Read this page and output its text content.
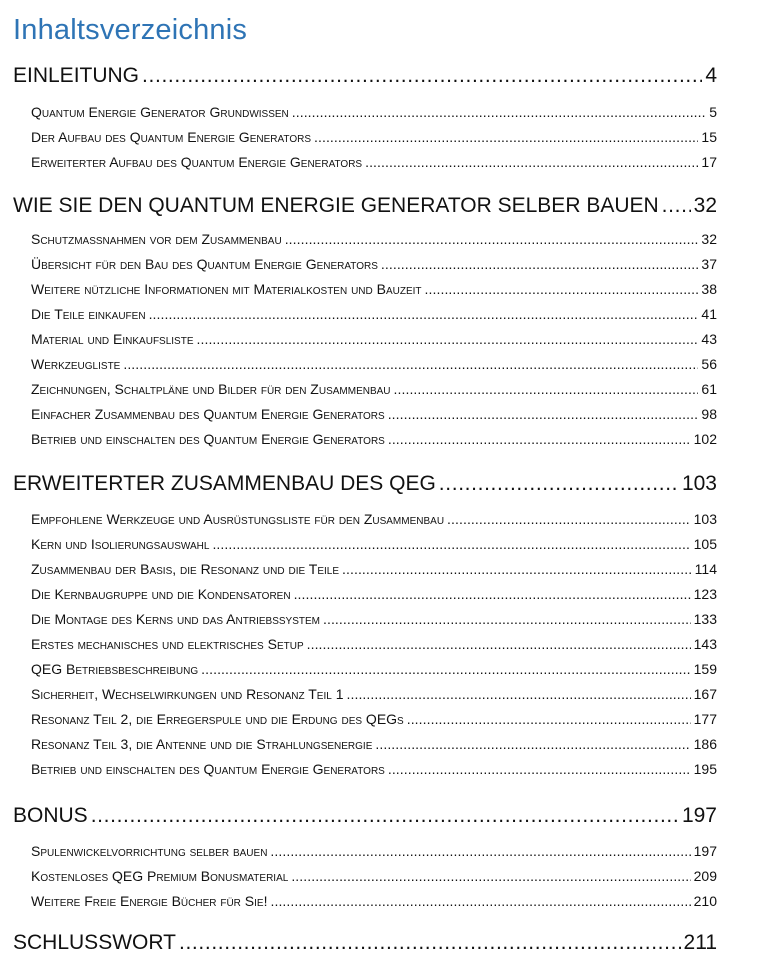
Inhaltsverzeichnis
EINLEITUNG . . .	4
Quantum Energie Generator Grundwissen . . .	5
Der Aufbau des Quantum Energie Generators . . .	15
Erweiterter Aufbau des Quantum Energie Generators . . .	17
WIE SIE DEN QUANTUM ENERGIE GENERATOR SELBER BAUEN . . . 32
Schutzmaßnahmen vor dem Zusammenbau . . .	32
Übersicht für den Bau des Quantum Energie Generators . . .	37
Weitere nützliche Informationen mit Materialkosten und Bauzeit . . .	38
Die Teile einkaufen . . .	41
Material und Einkaufsliste . . .	43
Werkzeugliste . . .	56
Zeichnungen, Schaltpläne und Bilder für den Zusammenbau . . .	61
Einfacher Zusammenbau des Quantum Energie Generators . . .	98
Betrieb und einschalten des Quantum Energie Generators . . .	102
ERWEITERTER ZUSAMMENBAU DES QEG . . .	103
Empfohlene Werkzeuge und Ausrüstungsliste für den Zusammenbau . . .	103
Kern und Isolierungsauswahl . . .	105
Zusammenbau der Basis, die Resonanz und die Teile . . .	114
Die Kernbaugruppe und die Kondensatoren . . .	123
Die Montage des Kerns und das Antriebssystem . . .	133
Erstes mechanisches und elektrisches Setup . . .	143
QEG Betriebsbeschreibung . . .	159
Sicherheit, Wechselwirkungen und Resonanz Teil 1 . . .	167
Resonanz Teil 2, die Erregerspule und die Erdung des QEGs . . .	177
Resonanz Teil 3, die Antenne und die Strahlungsenergie . . .	186
Betrieb und einschalten des Quantum Energie Generators . . .	195
BONUS . . .	197
Spulenwickelvorrichtung selber bauen . . .	197
Kostenloses QEG Premium Bonusmaterial . . .	209
Weitere Freie Energie Bücher für Sie! . . .	210
SCHLUSSWORT . . .	211
